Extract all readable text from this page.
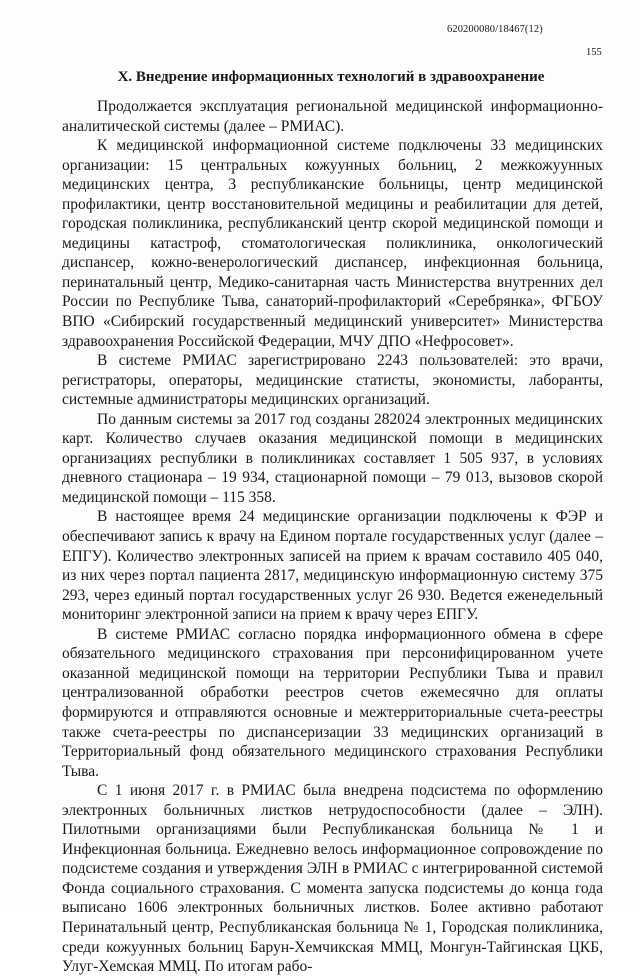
620200080/18467(12)
155
X. Внедрение информационных технологий в здравоохранение

Продолжается эксплуатация региональной медицинской информационно-аналитической системы (далее – РМИАС).

К медицинской информационной системе подключены 33 медицинских организации: 15 центральных кожуунных больниц, 2 межкожуунных медицинских центра, 3 республиканские больницы, центр медицинской профилактики, центр восстановительной медицины и реабилитации для детей, городская поликлиника, республиканский центр скорой медицинской помощи и медицины катастроф, стоматологическая поликлиника, онкологический диспансер, кожно-венерологический диспансер, инфекционная больница, перинатальный центр, Медико-санитарная часть Министерства внутренних дел России по Республике Тыва, санаторий-профилакторий «Серебрянка», ФГБОУ ВПО «Сибирский государственный медицинский университет» Министерства здравоохранения Российской Федерации, МЧУ ДПО «Нефросовет».

В системе РМИАС зарегистрировано 2243 пользователей: это врачи, регистраторы, операторы, медицинские статисты, экономисты, лаборанты, системные администраторы медицинских организаций.

По данным системы за 2017 год созданы 282024 электронных медицинских карт. Количество случаев оказания медицинской помощи в медицинских организациях республики в поликлиниках составляет 1 505 937, в условиях дневного стационара – 19 934, стационарной помощи – 79 013, вызовов скорой медицинской помощи – 115 358.

В настоящее время 24 медицинские организации подключены к ФЭР и обеспечивают запись к врачу на Едином портале государственных услуг (далее – ЕПГУ). Количество электронных записей на прием к врачам составило 405 040, из них через портал пациента 2817, медицинскую информационную систему 375 293, через единый портал государственных услуг 26 930. Ведется еженедельный мониторинг электронной записи на прием к врачу через ЕПГУ.

В системе РМИАС согласно порядка информационного обмена в сфере обязательного медицинского страхования при персонифицированном учете оказанной медицинской помощи на территории Республики Тыва и правил централизованной обработки реестров счетов ежемесячно для оплаты формируются и отправляются основные и межтерриториальные счета-реестры также счета-реестры по диспансеризации 33 медицинских организаций в Территориальный фонд обязательного медицинского страхования Республики Тыва.

С 1 июня 2017 г. в РМИАС была внедрена подсистема по оформлению электронных больничных листков нетрудоспособности (далее – ЭЛН). Пилотными организациями были Республиканская больница № 1 и Инфекционная больница. Ежедневно велось информационное сопровождение по подсистеме создания и утверждения ЭЛН в РМИАС с интегрированной системой Фонда социального страхования. С момента запуска подсистемы до конца года выписано 1606 электронных больничных листков. Более активно работают Перинатальный центр, Республиканская больница № 1, Городская поликлиника, среди кожуунных больниц Барун-Хемчикская ММЦ, Монгун-Тайгинская ЦКБ, Улуг-Хемская ММЦ. По итогам рабо-
